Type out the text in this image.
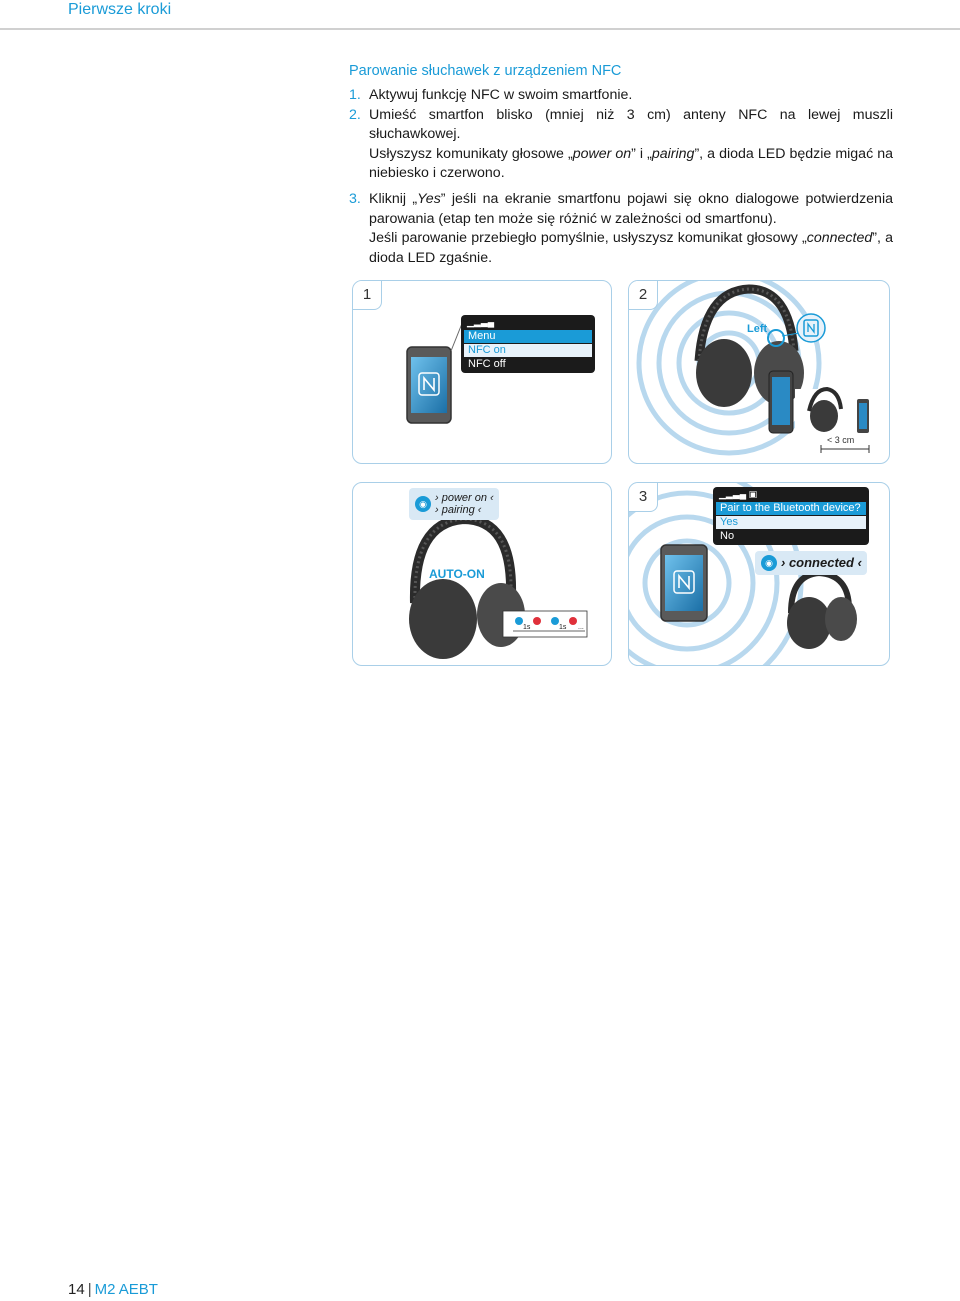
Pierwsze kroki
Parowanie słuchawek z urządzeniem NFC
1. Aktywuj funkcję NFC w swoim smartfonie.

2. Umieść smartfon blisko (mniej niż 3 cm) anteny NFC na lewej muszli słuchawkowej.

Usłyszysz komunikaty głosowe „power on” i „pairing”, a dioda LED będzie migać na niebiesko i czerwono.

3. Kliknij „Yes” jeśli na ekranie smartfonu pojawi się okno dialogowe potwierdzenia parowania (etap ten może się różnić w zależności od smartfonu).

Jeśli parowanie przebiegło pomyślnie, usłyszysz komunikat głosowy „connected”, a dioda LED zgaśnie.

1
▁▂▃▄
Menu
NFC on
NFC off
2
Left
< 3 cm
◉ › power on ‹
› pairing ‹
AUTO-ON
1s	1s ...
3	▁▂▃▄ ▣
Pair to the Bluetooth device?
Yes
No
◉ › connected ‹
14 | M2 AEBT
